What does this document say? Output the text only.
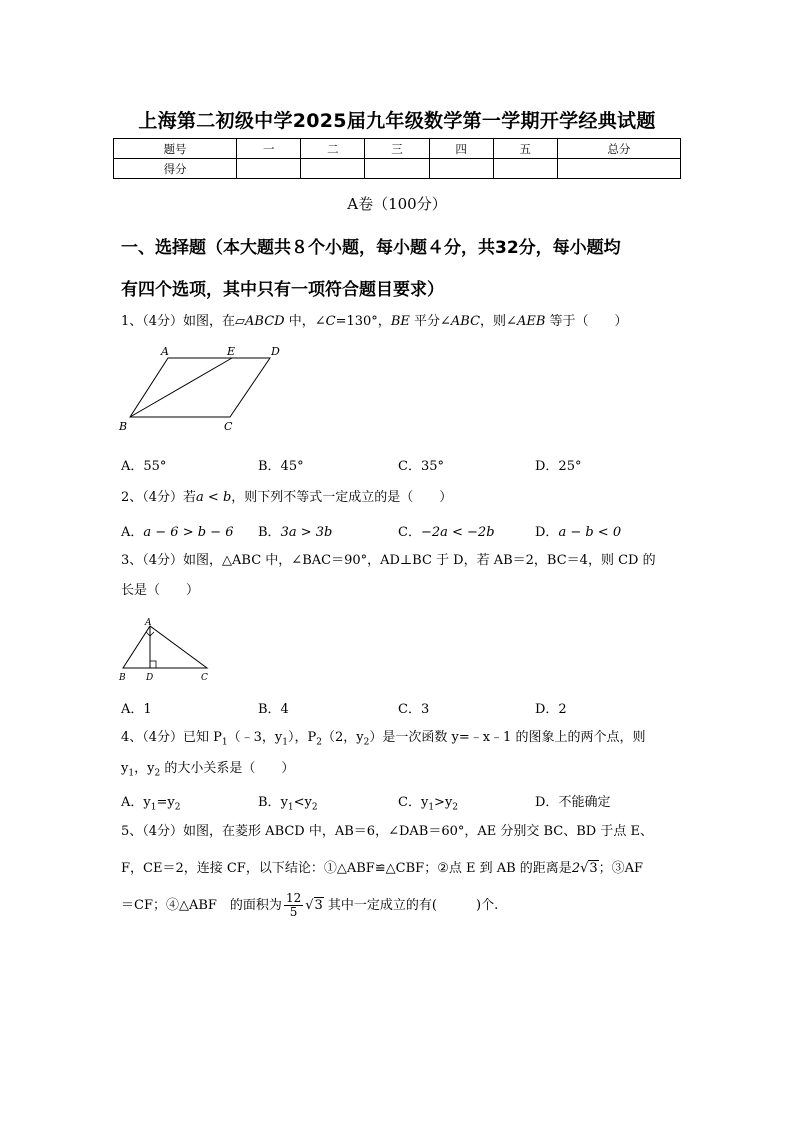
上海第二初级中学2025届九年级数学第一学期开学经典试题
题号	一	二	三	四	五	总分
得分						
A卷（100分）
一、选择题（本大题共８个小题，每小题４分，共32分，每小题均
有四个选项，其中只有一项符合题目要求）
1、（4分）如图，在▱ABCD 中，∠C=130°，BE 平分∠ABC，则∠AEB 等于（　　）
A	E	D
B	C
A．55°	B．45°	C．35°	D．25°
2、（4分）若a < b，则下列不等式一定成立的是（　　）
A．a − 6 > b − 6 B．3a > 3b	C．−2a < −2b	D．a − b < 0
3、（4分）如图，△ABC 中，∠BAC＝90°，AD⊥BC 于 D，若 AB＝2，BC＝4，则 CD 的
长是（　　）
A
B D	C
A．1	B．4	C．3	D．2
4、（4分）已知 $P_1(﹣3$，$y_1$），$P_2(2$，$y_2$）是一次函数 y=﹣x﹣1 的图象上的两个点，则
$y_1$，$y_2$ 的大小关系是（　　）
A．$y_1=y_2$	B．$y_1<y_2$	C．$y_1>y_2$	D．不能确定
5、（4分）如图，在菱形 ABCD 中，AB＝6，∠DAB＝60°，AE 分别交 BC、BD 于点 E、
F，CE＝2，连接 CF，以下结论：①△ABF≌△CBF；②点 E 到 AB 的距离是2√3；③AF
＝CF；④△ABF　的面积为 $\frac{12}{5} √3$ 其中一定成立的有(　　　)个.
